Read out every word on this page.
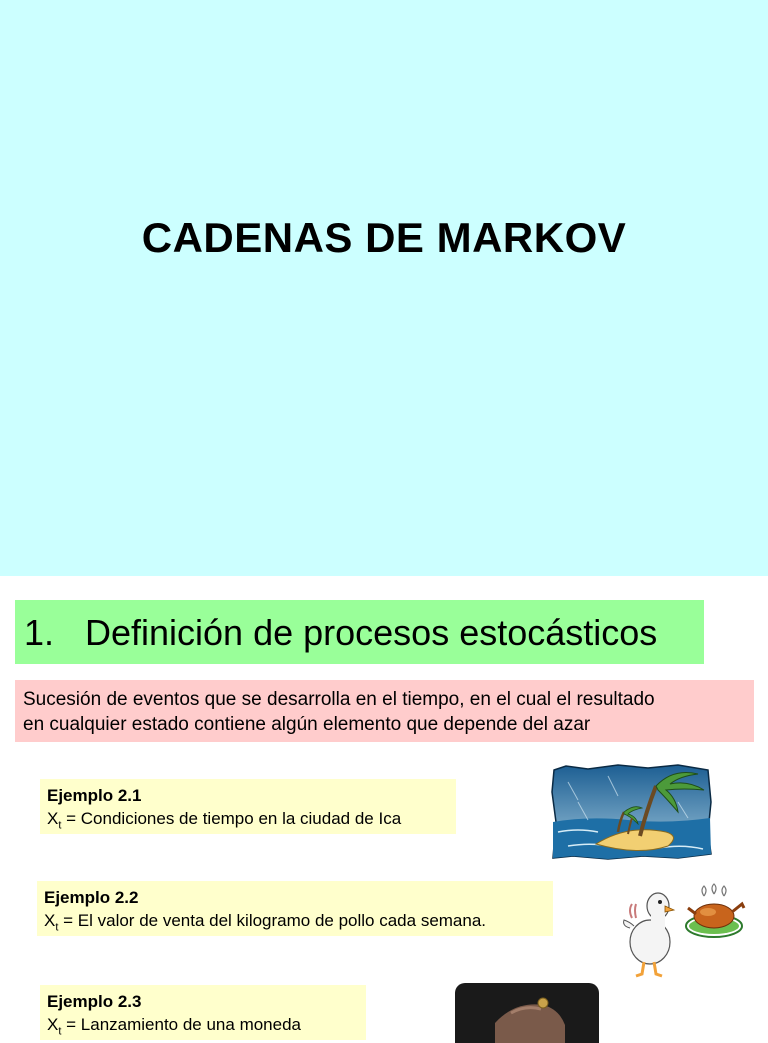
CADENAS DE MARKOV
1. Definición de procesos estocásticos
Sucesión de eventos que se desarrolla en el tiempo, en el cual el resultado
en cualquier estado contiene algún elemento que depende del azar
Ejemplo 2.1
$X_t$ = Condiciones de tiempo en la ciudad de Ica
Ejemplo 2.2
$X_t = El$ valor de venta del kilogramo de pollo cada semana.
Ejemplo 2.3
$X_t$ = Lanzamiento de una moneda
